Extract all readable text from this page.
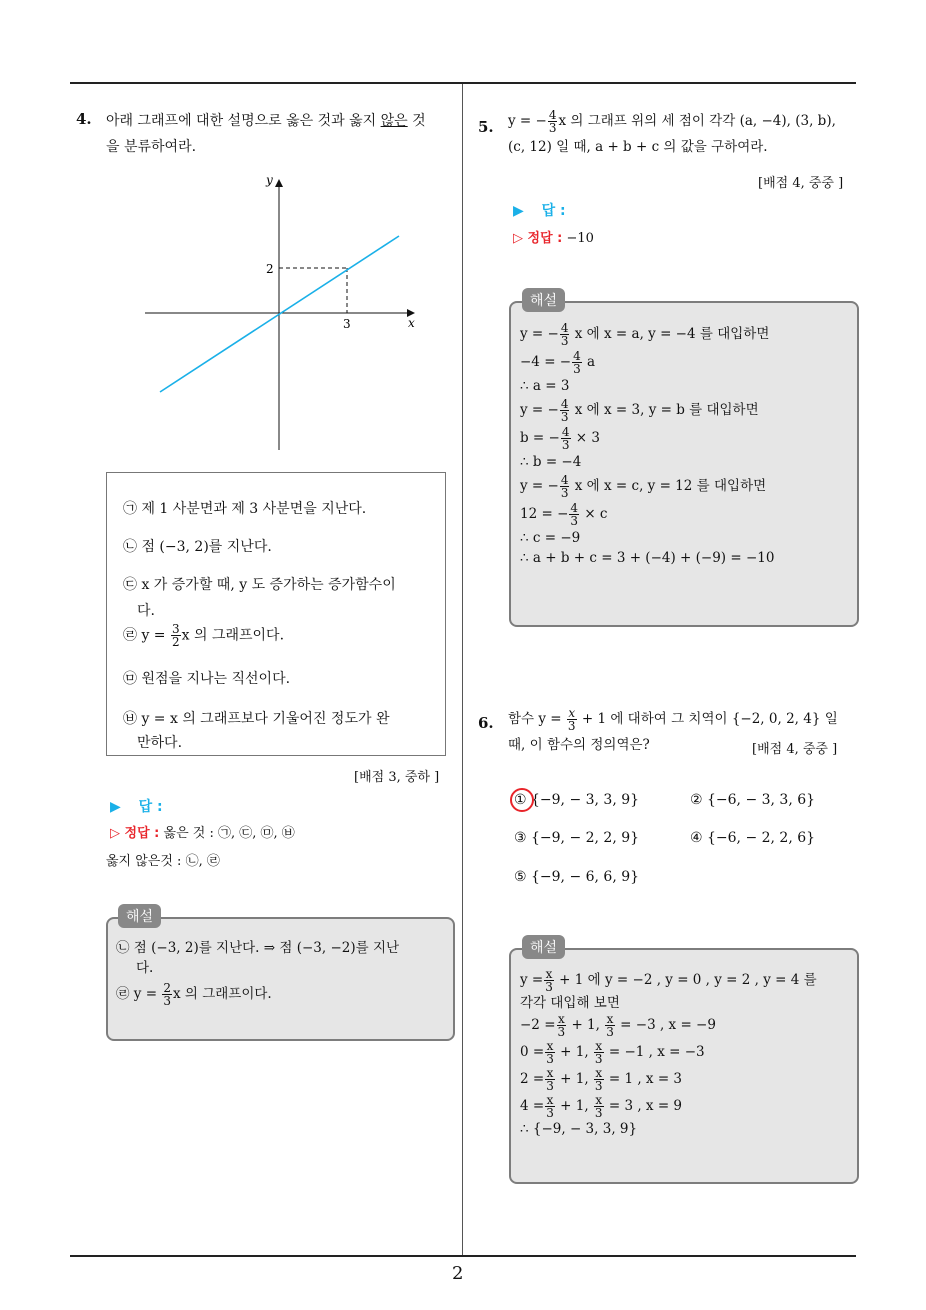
2
4. 아래 그래프에 대한 설명으로 옳은 것과 옳지 않은 것
을 분류하여라.
y
x
2
3
㉠ 제 1 사분면과 제 3 사분면을 지난다.
㉡ 점 (−3, 2)를 지난다.
㉢ x 가 증가할 때, y 도 증가하는 증가함수이
다.
㉣ $y = \frac{3}{2}$ x 의 그래프이다.
㉤ 원점을 지나는 직선이다.
㉥ y = x 의 그래프보다 기울어진 정도가 완
만하다.
[배점 3, 중하 ]
▶ 답 :
▷ 정답 : 옳은 것 : ㉠, ㉢, ㉤, ㉥
옳지 않은것 : ㉡, ㉣
해설
㉡ 점 (−3, 2)를 지난다. ⇒ 점 (−3, −2)를 지난
다.
㉣ $y = \frac{2}{3}$ x 의 그래프이다.
5. y = − $\frac{4}{3}$ x 의 그래프 위의 세 점이 각각 (a, −4), (3, b),
(c, 12) 일 때, a + b + c 의 값을 구하여라.
[배점 4, 중중 ]
▶ 답 :
▷ 정답 : −10
해설
y = − $\frac{4}{3}$ x 에 x = a, y = −4 를 대입하면
−4 = − $\frac{4}{3}$ a
∴ a = 3
y = − $\frac{4}{3}$ x 에 x = 3, y = b 를 대입하면
b = − $\frac{4}{3} \times 3$
∴ b = −4
y = − $\frac{4}{3}$ x 에 x = c, y = 12 를 대입하면
12 = − $\frac{4}{3} \times c$
∴ c = −9
∴ a + b + c = 3 + (−4) + (−9) = −10
6. 함수 $y = \frac{x}{3} + 1$ 에 대하여 그 치역이 {−2, 0, 2, 4} 일
때, 이 함수의 정의역은?	[배점 4, 중중 ]
① {−9, − 3, 3, 9}	② {−6, − 3, 3, 6}
③ {−9, − 2, 2, 9}	④ {−6, − 2, 2, 6}
⑤ {−9, − 6, 6, 9}
해설
$y = \frac{x}{3} + 1$ 에 y = −2 , y = 0 , y = 2 , y = 4 를
각각 대입해 보면
$-2 = \frac{x}{3} + 1$, $\frac{x}{3} = -3$ , x = −9
$0 = \frac{x}{3} + 1$, $\frac{x}{3} = -1$ , x = −3
$2 = \frac{x}{3} + 1$, $\frac{x}{3} = 1$ , x = 3
$4 = \frac{x}{3} + 1$, $\frac{x}{3} = 3$ , x = 9
∴ {−9, − 3, 3, 9}
